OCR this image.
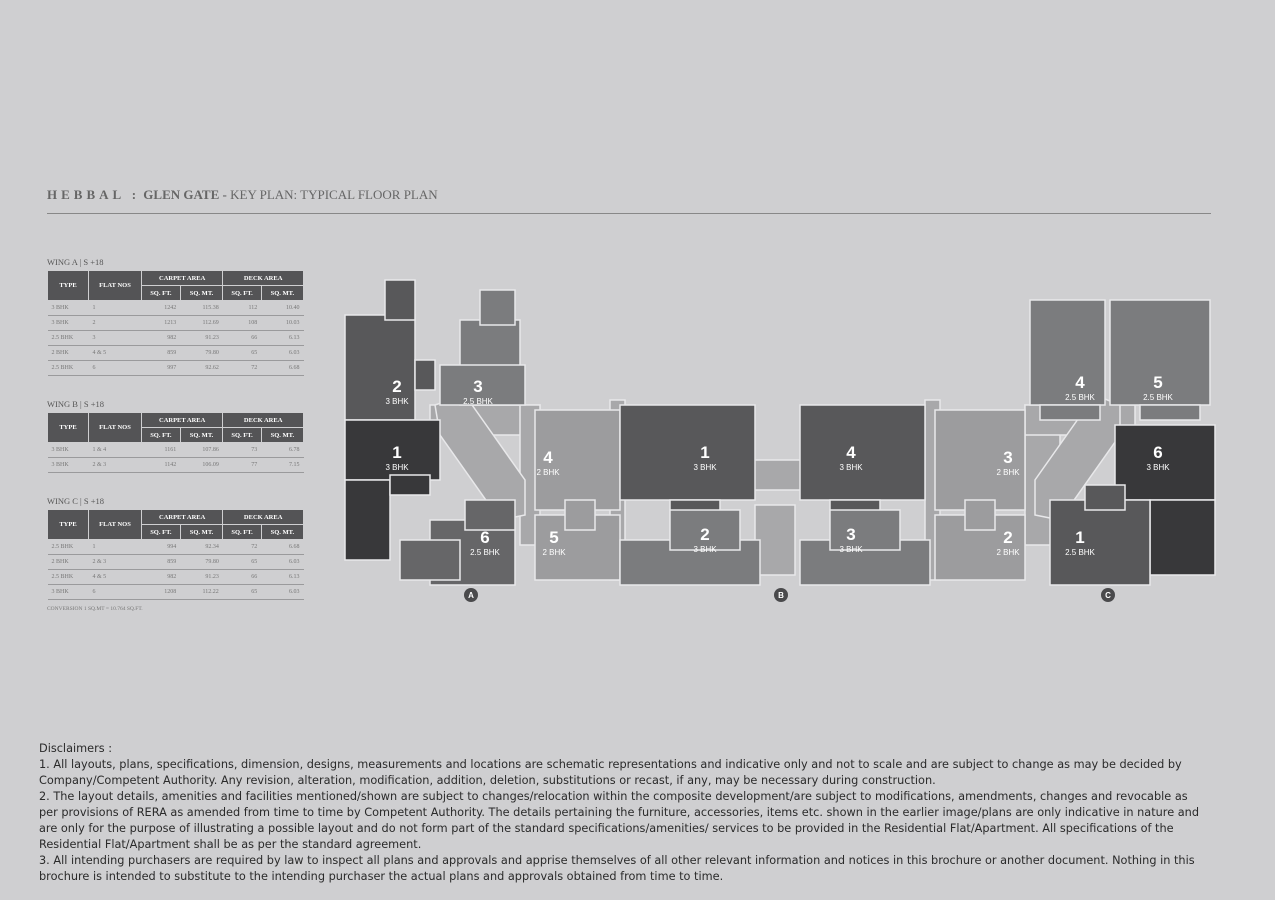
HEBBAL : GLEN GATE - KEY PLAN: TYPICAL FLOOR PLAN
WING A | S +18
TYPE	FLAT NOS	CARPET AREA		DECK AREA	
		SQ. FT.	SQ. MT.	SQ. FT.	SQ. MT.
3 BHK	1	1242	115.38	112	10.40
3 BHK	2	1213	112.69	108	10.03
2.5 BHK	3	982	91.23	66	6.13
2 BHK	4 & 5	859	79.80	65	6.03
2.5 BHK	6	997	92.62	72	6.68
WING B | S +18
TYPE	FLAT NOS	CARPET AREA		DECK AREA	
		SQ. FT.	SQ. MT.	SQ. FT.	SQ. MT.
3 BHK	1 & 4	1161	107.86	73	6.78
3 BHK	2 & 3	1142	106.09	77	7.15
WING C | S +18
TYPE	FLAT NOS	CARPET AREA		DECK AREA	
		SQ. FT.	SQ. MT.	SQ. FT.	SQ. MT.
2.5 BHK	1	994	92.34	72	6.68
2 BHK	2 & 3	859	79.80	65	6.03
2.5 BHK	4 & 5	982	91.23	66	6.13
3 BHK	6	1208	112.22	65	6.03
CONVERSION 1 SQ.MT = 10.764 SQ.FT.
2
3 BHK
3
2.5 BHK
1
3 BHK
6
2.5 BHK
4
2 BHK
5
2 BHK
1
3 BHK
2
3 BHK
4
3 BHK
3
3 BHK
3
2 BHK
2
2 BHK
4
2.5 BHK
5
2.5 BHK
6
3 BHK
1
2.5 BHK
A	B	C

Disclaimers :

1. All layouts, plans, specifications, dimension, designs, measurements and locations are schematic representations and indicative only and not to scale and are subject to change as may be decided by Company/Competent Authority. Any revision, alteration, modification, addition, deletion, substitutions or recast, if any, may be necessary during construction.

2. The layout details, amenities and facilities mentioned/shown are subject to changes/relocation within the composite development/are subject to modifications, amendments, changes and revocable as per provisions of RERA as amended from time to time by Competent Authority. The details pertaining the furniture, accessories, items etc. shown in the earlier image/plans are only indicative in nature and are only for the purpose of illustrating a possible layout and do not form part of the standard specifications/amenities/ services to be provided in the Residential Flat/Apartment. All specifications of the Residential Flat/Apartment shall be as per the standard agreement.

3. All intending purchasers are required by law to inspect all plans and approvals and apprise themselves of all other relevant information and notices in this brochure or another document. Nothing in this brochure is intended to substitute to the intending purchaser the actual plans and approvals obtained from time to time.
